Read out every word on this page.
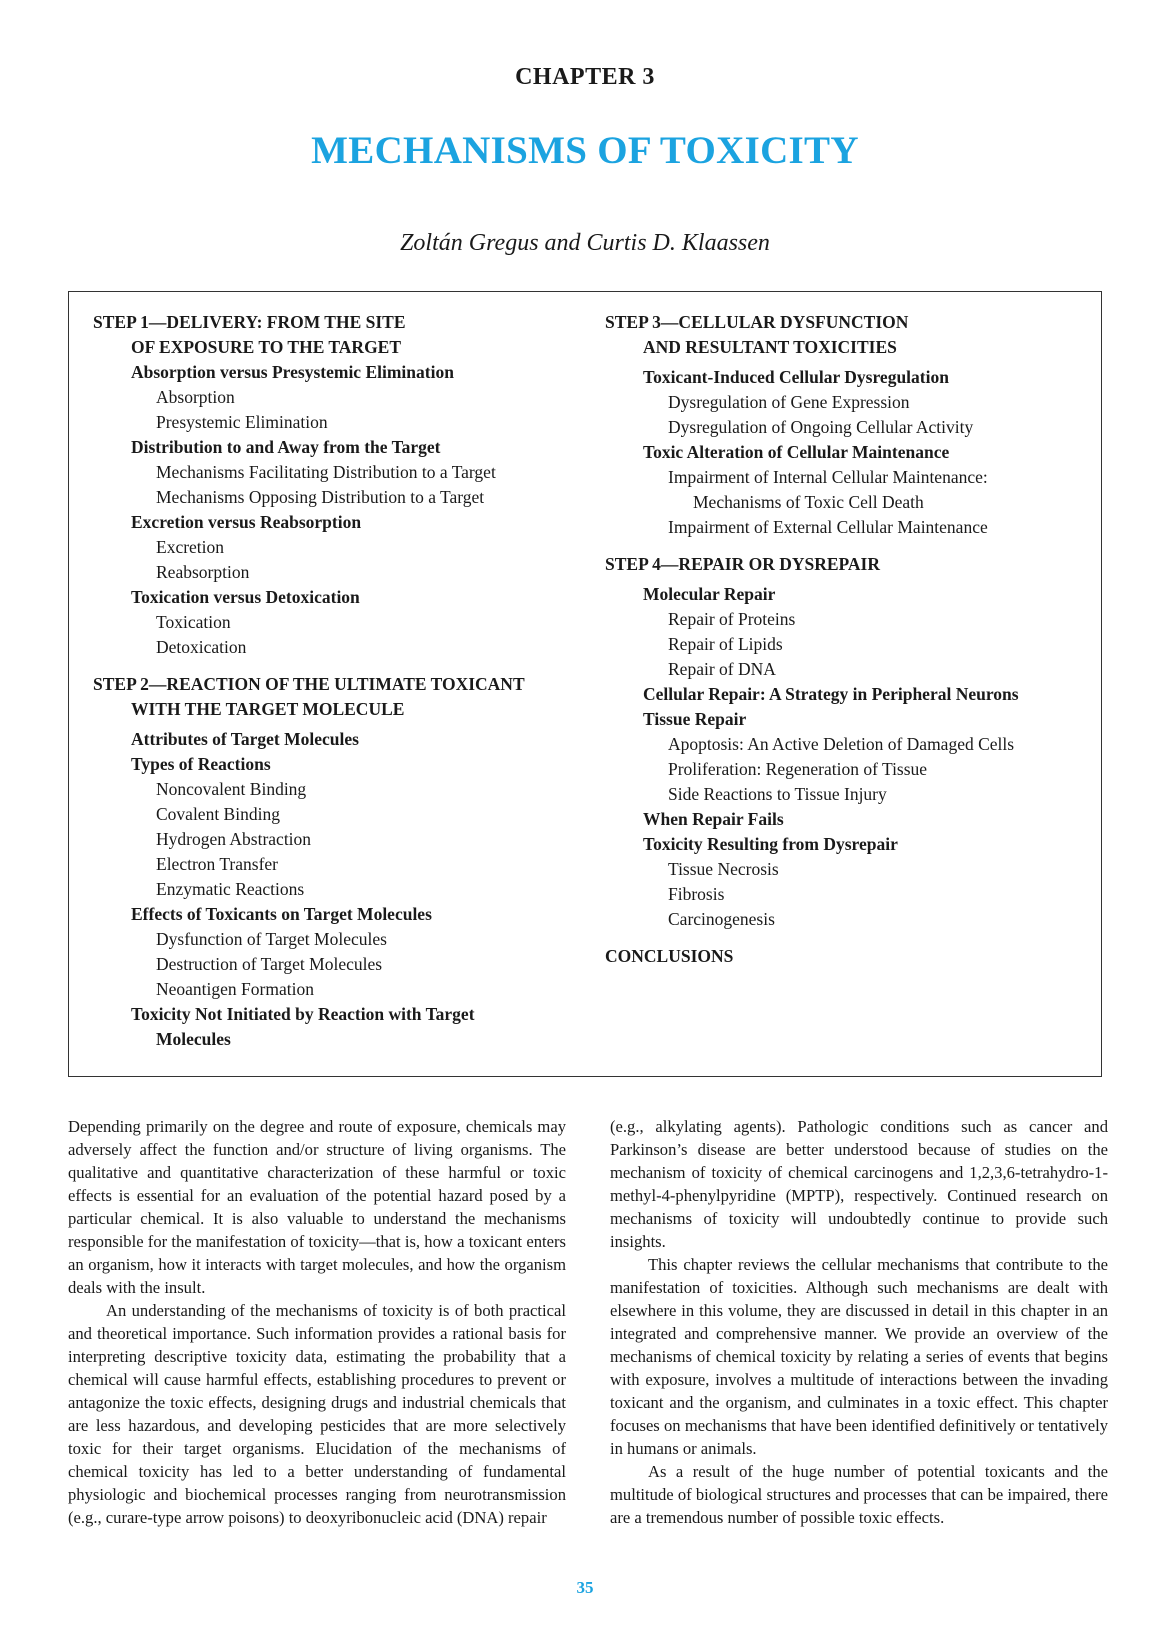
CHAPTER 3
MECHANISMS OF TOXICITY
Zoltán Gregus and Curtis D. Klaassen
STEP 1—DELIVERY: FROM THE SITE
OF EXPOSURE TO THE TARGET
Absorption versus Presystemic Elimination
Absorption
Presystemic Elimination
Distribution to and Away from the Target
Mechanisms Facilitating Distribution to a Target
Mechanisms Opposing Distribution to a Target
Excretion versus Reabsorption
Excretion
Reabsorption
Toxication versus Detoxication
Toxication
Detoxication
STEP 2—REACTION OF THE ULTIMATE TOXICANT
WITH THE TARGET MOLECULE
Attributes of Target Molecules
Types of Reactions
Noncovalent Binding
Covalent Binding
Hydrogen Abstraction
Electron Transfer
Enzymatic Reactions
Effects of Toxicants on Target Molecules
Dysfunction of Target Molecules
Destruction of Target Molecules
Neoantigen Formation
Toxicity Not Initiated by Reaction with Target
Molecules
STEP 3—CELLULAR DYSFUNCTION
AND RESULTANT TOXICITIES
Toxicant-Induced Cellular Dysregulation
Dysregulation of Gene Expression
Dysregulation of Ongoing Cellular Activity
Toxic Alteration of Cellular Maintenance
Impairment of Internal Cellular Maintenance:
Mechanisms of Toxic Cell Death
Impairment of External Cellular Maintenance
STEP 4—REPAIR OR DYSREPAIR
Molecular Repair
Repair of Proteins
Repair of Lipids
Repair of DNA
Cellular Repair: A Strategy in Peripheral Neurons
Tissue Repair
Apoptosis: An Active Deletion of Damaged Cells
Proliferation: Regeneration of Tissue
Side Reactions to Tissue Injury
When Repair Fails
Toxicity Resulting from Dysrepair
Tissue Necrosis
Fibrosis
Carcinogenesis
CONCLUSIONS

Depending primarily on the degree and route of exposure, chemicals may adversely affect the function and/or structure of living organisms. The qualitative and quantitative characterization of these harmful or toxic effects is essential for an evaluation of the potential hazard posed by a particular chemical. It is also valuable to understand the mechanisms responsible for the manifestation of toxicity—that is, how a toxicant enters an organism, how it interacts with target molecules, and how the organism deals with the insult.

An understanding of the mechanisms of toxicity is of both practical and theoretical importance. Such information provides a rational basis for interpreting descriptive toxicity data, estimating the probability that a chemical will cause harmful effects, establishing procedures to prevent or antagonize the toxic effects, designing drugs and industrial chemicals that are less hazardous, and developing pesticides that are more selectively toxic for their target organisms. Elucidation of the mechanisms of chemical toxicity has led to a better understanding of fundamental physiologic and biochemical processes ranging from neurotransmission (e.g., curare-type arrow poisons) to deoxyribonucleic acid (DNA) repair

(e.g., alkylating agents). Pathologic conditions such as cancer and Parkinson’s disease are better understood because of studies on the mechanism of toxicity of chemical carcinogens and 1,2,3,6-tetrahydro-1-methyl-4-phenylpyridine (MPTP), respectively. Continued research on mechanisms of toxicity will undoubtedly continue to provide such insights.

This chapter reviews the cellular mechanisms that contribute to the manifestation of toxicities. Although such mechanisms are dealt with elsewhere in this volume, they are discussed in detail in this chapter in an integrated and comprehensive manner. We provide an overview of the mechanisms of chemical toxicity by relating a series of events that begins with exposure, involves a multitude of interactions between the invading toxicant and the organism, and culminates in a toxic effect. This chapter focuses on mechanisms that have been identified definitively or tentatively in humans or animals.

As a result of the huge number of potential toxicants and the multitude of biological structures and processes that can be impaired, there are a tremendous number of possible toxic effects.

35
